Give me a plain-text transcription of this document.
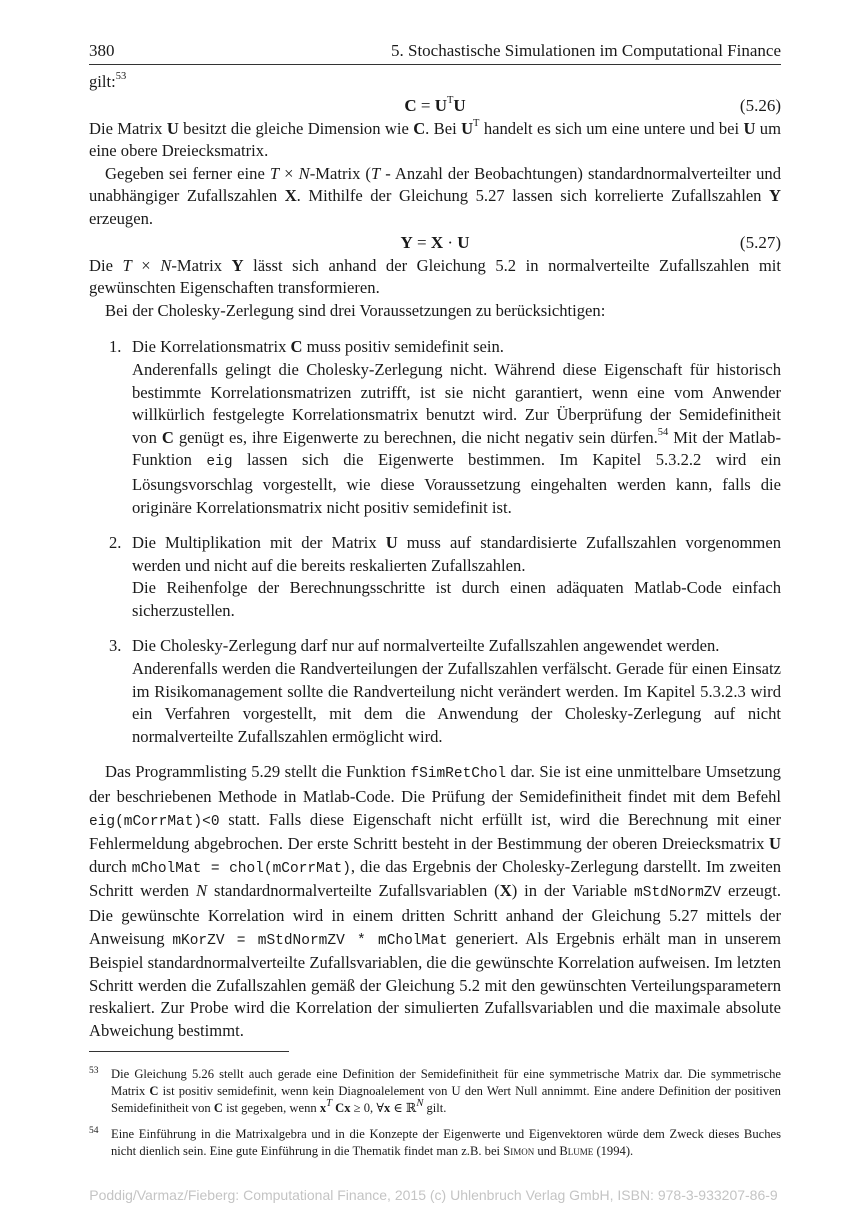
380	5. Stochastische Simulationen im Computational Finance

gilt:$^{53}$

$C = U^TU$	(5.26)

Die Matrix U besitzt die gleiche Dimension wie C. Bei $U^T$ handelt es sich um eine untere und bei U um eine obere Dreiecksmatrix.

Gegeben sei ferner eine T × N-Matrix (T - Anzahl der Beobachtungen) standardnormalverteilter und unabhängiger Zufallszahlen X. Mithilfe der Gleichung 5.27 lassen sich korrelierte Zufallszahlen Y erzeugen.

Y = X · U	(5.27)

Die T × N-Matrix Y lässt sich anhand der Gleichung 5.2 in normalverteilte Zufallszahlen mit gewünschten Eigenschaften transformieren.

Bei der Cholesky-Zerlegung sind drei Voraussetzungen zu berücksichtigen:

1. Die Korrelationsmatrix C muss positiv semidefinit sein.
Anderenfalls gelingt die Cholesky-Zerlegung nicht. Während diese Eigenschaft für historisch bestimmte Korrelationsmatrizen zutrifft, ist sie nicht garantiert, wenn eine vom Anwender willkürlich festgelegte Korrelationsmatrix benutzt wird. Zur Überprüfung der Semidefinitheit von C genügt es, ihre Eigenwerte zu berechnen, die nicht negativ sein dürfen.$^{54}$ Mit der Matlab-Funktion eig lassen sich die Eigenwerte bestimmen. Im Kapitel 5.3.2.2 wird ein Lösungsvorschlag vorgestellt, wie diese Voraussetzung eingehalten werden kann, falls die originäre Korrelationsmatrix nicht positiv semidefinit ist.
2. Die Multiplikation mit der Matrix U muss auf standardisierte Zufallszahlen vorgenommen werden und nicht auf die bereits reskalierten Zufallszahlen.
Die Reihenfolge der Berechnungsschritte ist durch einen adäquaten Matlab-Code einfach sicherzustellen.
3. Die Cholesky-Zerlegung darf nur auf normalverteilte Zufallszahlen angewendet werden.
Anderenfalls werden die Randverteilungen der Zufallszahlen verfälscht. Gerade für einen Einsatz im Risikomanagement sollte die Randverteilung nicht verändert werden. Im Kapitel 5.3.2.3 wird ein Verfahren vorgestellt, mit dem die Anwendung der Cholesky-Zerlegung auf nicht normalverteilte Zufallszahlen ermöglicht wird.

Das Programmlisting 5.29 stellt die Funktion fSimRetChol dar. Sie ist eine unmittelbare Umsetzung der beschriebenen Methode in Matlab-Code. Die Prüfung der Semidefinitheit findet mit dem Befehl eig(mCorrMat)<0 statt. Falls diese Eigenschaft nicht erfüllt ist, wird die Berechnung mit einer Fehlermeldung abgebrochen. Der erste Schritt besteht in der Bestimmung der oberen Dreiecksmatrix U durch mCholMat = chol(mCorrMat), die das Ergebnis der Cholesky-Zerlegung darstellt. Im zweiten Schritt werden N standardnormalverteilte Zufallsvariablen (X) in der Variable mStdNormZV erzeugt. Die gewünschte Korrelation wird in einem dritten Schritt anhand der Gleichung 5.27 mittels der Anweisung mKorZV = mStdNormZV * mCholMat generiert. Als Ergebnis erhält man in unserem Beispiel standardnormalverteilte Zufallsvariablen, die die gewünschte Korrelation aufweisen. Im letzten Schritt werden die Zufallszahlen gemäß der Gleichung 5.2 mit den gewünschten Verteilungsparametern reskaliert. Zur Probe wird die Korrelation der simulierten Zufallsvariablen und die maximale absolute Abweichung bestimmt.

53 Die Gleichung 5.26 stellt auch gerade eine Definition der Semidefinitheit für eine symmetrische Matrix dar. Die symmetrische Matrix C ist positiv semidefinit, wenn kein Diagnoalelement von U den Wert Null annimmt. Eine andere Definition der positiven Semidefinitheit von C ist gegeben, wenn $x^T$ Cx ≥ 0, ∀x ∈ ℝ$^N$ gilt.
54 Eine Einführung in die Matrixalgebra und in die Konzepte der Eigenwerte und Eigenvektoren würde dem Zweck dieses Buches nicht dienlich sein. Eine gute Einführung in die Thematik findet man z.B. bei Simon und Blume (1994).
Poddig/Varmaz/Fieberg: Computational Finance, 2015 (c) Uhlenbruch Verlag GmbH, ISBN: 978-3-933207-86-9
